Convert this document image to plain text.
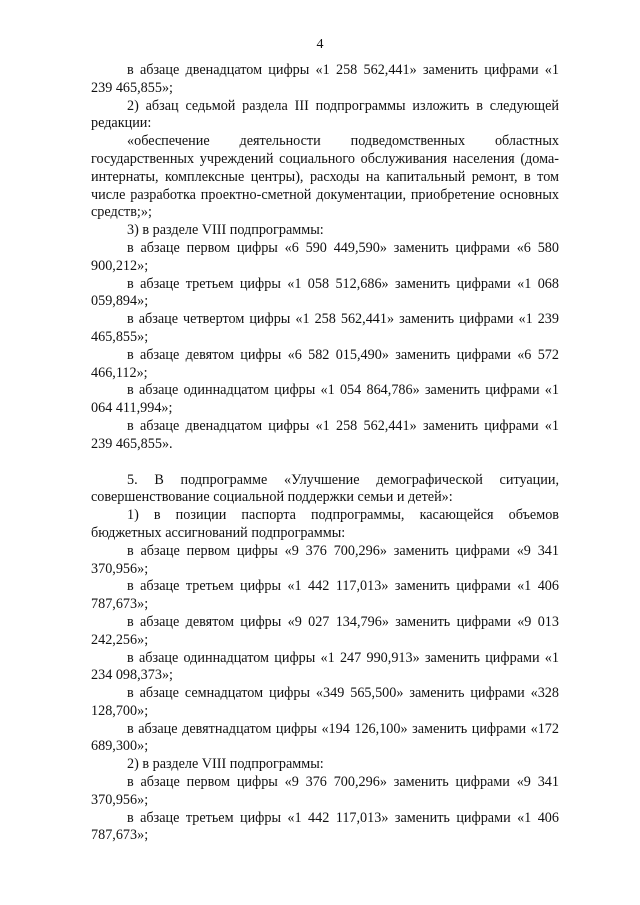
4

в абзаце двенадцатом цифры «1 258 562,441» заменить цифрами «1 239 465,855»;

2) абзац седьмой раздела III подпрограммы изложить в следующей редакции:

«обеспечение деятельности подведомственных областных государственных учреждений социального обслуживания населения (дома-интернаты, комплексные центры), расходы на капитальный ремонт, в том числе разработка проектно-сметной документации, приобретение основных средств;»;

3) в разделе VIII подпрограммы:

в абзаце первом цифры «6 590 449,590» заменить цифрами «6 580 900,212»;

в абзаце третьем цифры «1 058 512,686» заменить цифрами «1 068 059,894»;

в абзаце четвертом цифры «1 258 562,441» заменить цифрами «1 239 465,855»;

в абзаце девятом цифры «6 582 015,490» заменить цифрами «6 572 466,112»;

в абзаце одиннадцатом цифры «1 054 864,786» заменить цифрами «1 064 411,994»;

в абзаце двенадцатом цифры «1 258 562,441» заменить цифрами «1 239 465,855».

5. В подпрограмме «Улучшение демографической ситуации, совершенствование социальной поддержки семьи и детей»:

1) в позиции паспорта подпрограммы, касающейся объемов бюджетных ассигнований подпрограммы:

в абзаце первом цифры «9 376 700,296» заменить цифрами «9 341 370,956»;

в абзаце третьем цифры «1 442 117,013» заменить цифрами «1 406 787,673»;

в абзаце девятом цифры «9 027 134,796» заменить цифрами «9 013 242,256»;

в абзаце одиннадцатом цифры «1 247 990,913» заменить цифрами «1 234 098,373»;

в абзаце семнадцатом цифры «349 565,500» заменить цифрами «328 128,700»;

в абзаце девятнадцатом цифры «194 126,100» заменить цифрами «172 689,300»;

2) в разделе VIII подпрограммы:

в абзаце первом цифры «9 376 700,296» заменить цифрами «9 341 370,956»;

в абзаце третьем цифры «1 442 117,013» заменить цифрами «1 406 787,673»;
